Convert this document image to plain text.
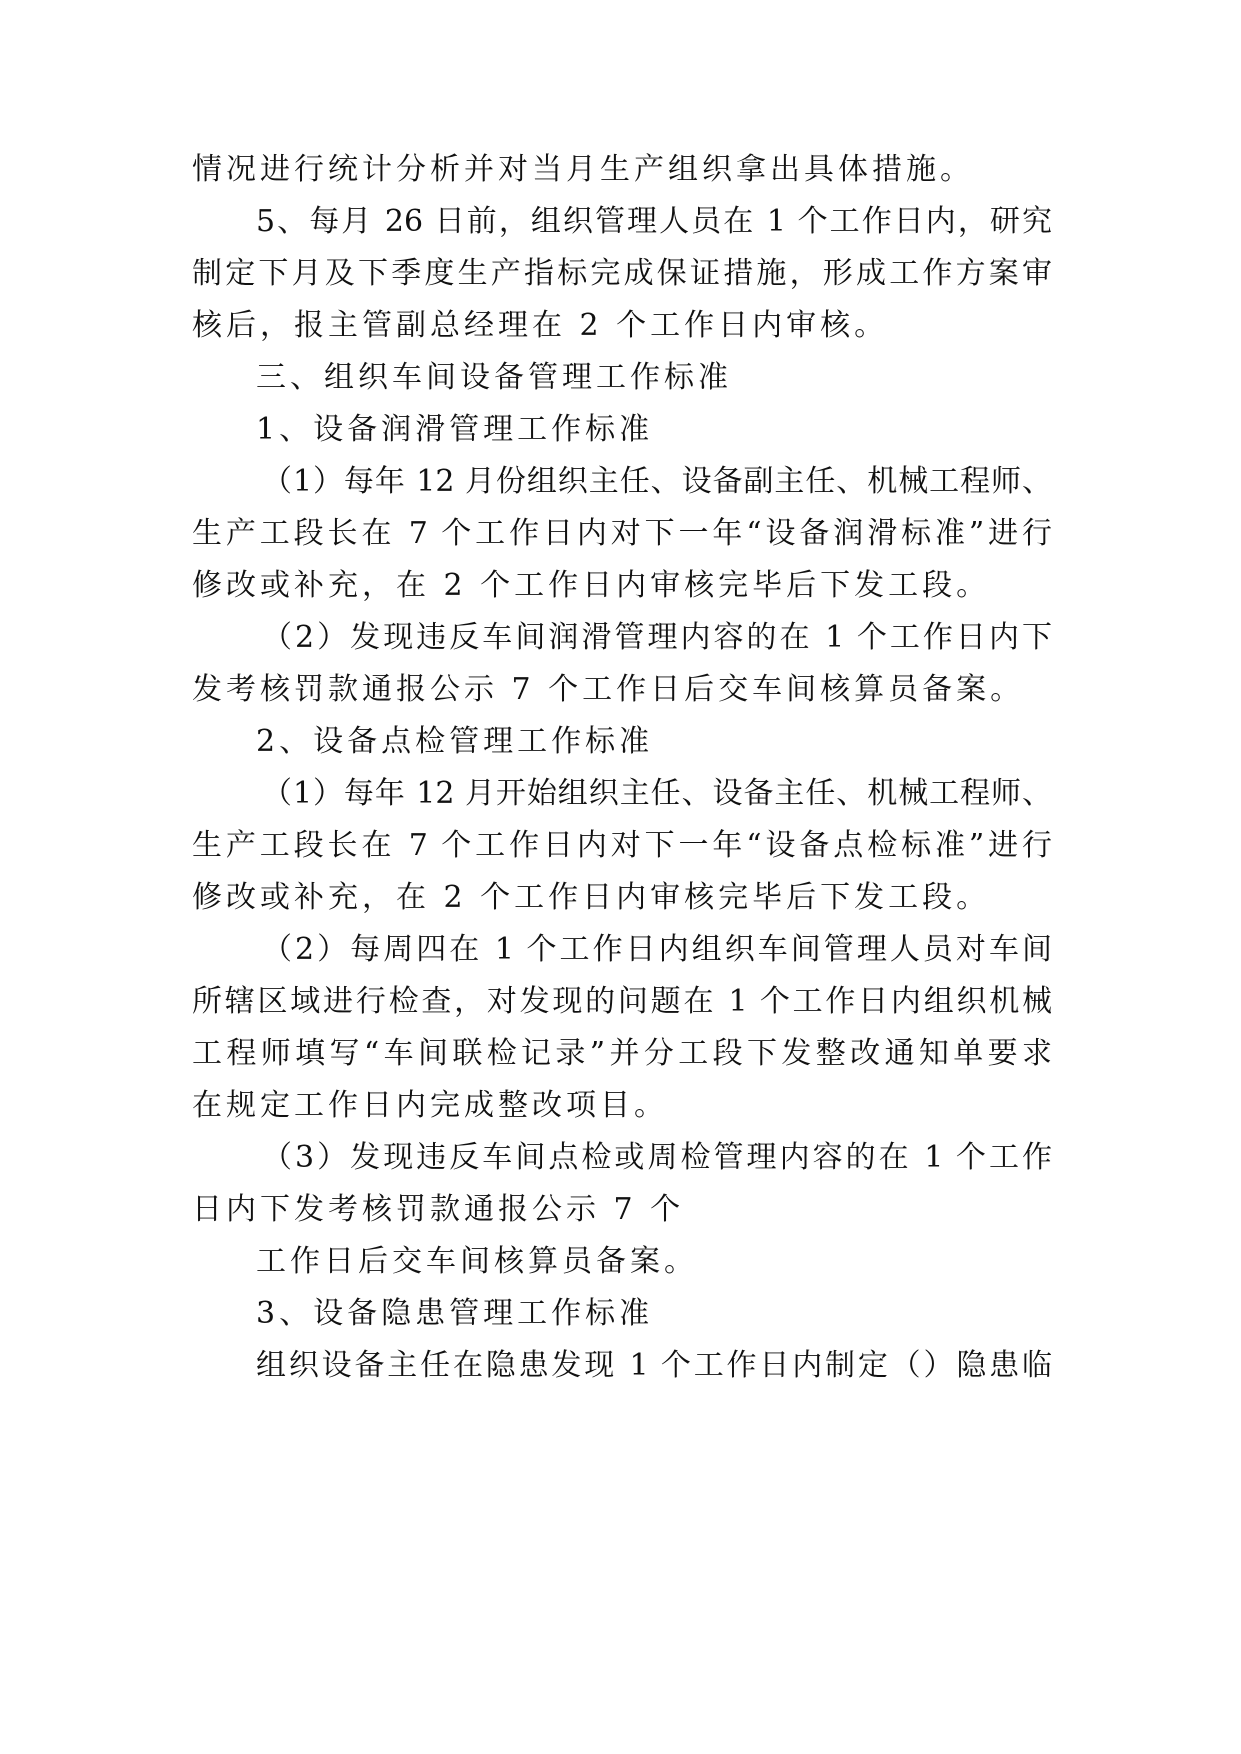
情况进行统计分析并对当月生产组织拿出具体措施。
5、每月 26 日前，组织管理人员在 1 个工作日内，研究
制定下月及下季度生产指标完成保证措施，形成工作方案审
核后，报主管副总经理在 2 个工作日内审核。
三、组织车间设备管理工作标准
1、设备润滑管理工作标准
（1）每年 12 月份组织主任、设备副主任、机械工程师、
生产工段长在 7 个工作日内对下一年“设备润滑标准”进行
修改或补充，在 2 个工作日内审核完毕后下发工段。
（2）发现违反车间润滑管理内容的在 1 个工作日内下
发考核罚款通报公示 7 个工作日后交车间核算员备案。
2、设备点检管理工作标准
（1）每年 12 月开始组织主任、设备主任、机械工程师、
生产工段长在 7 个工作日内对下一年“设备点检标准”进行
修改或补充，在 2 个工作日内审核完毕后下发工段。
（2）每周四在 1 个工作日内组织车间管理人员对车间
所辖区域进行检查，对发现的问题在 1 个工作日内组织机械
工程师填写“车间联检记录”并分工段下发整改通知单要求
在规定工作日内完成整改项目。
（3）发现违反车间点检或周检管理内容的在 1 个工作
日内下发考核罚款通报公示 7 个
工作日后交车间核算员备案。
3、设备隐患管理工作标准
组织设备主任在隐患发现 1 个工作日内制定（）隐患临
